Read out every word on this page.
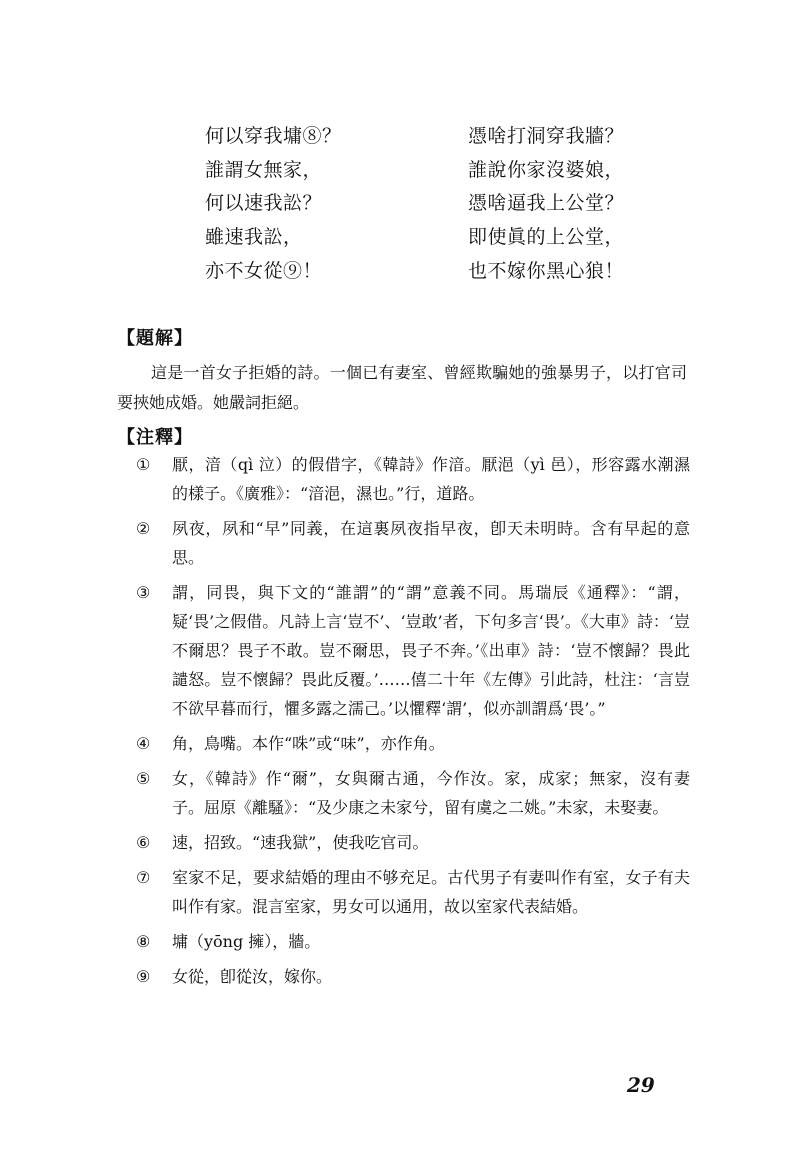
何以穿我墉⑧？
誰謂女無家，
何以速我訟？
雖速我訟，
亦不女從⑨！
憑啥打洞穿我牆？
誰說你家沒婆娘，
憑啥逼我上公堂？
即使眞的上公堂，
也不嫁你黑心狼！
【題解】
這是一首女子拒婚的詩。一個已有妻室、曾經欺騙她的強暴男子，以打官司要挾她成婚。她嚴詞拒絕。
【注釋】
① 厭，湆（qì 泣）的假借字，《韓詩》作湆。厭浥（yì 邑），形容露水潮濕的樣子。《廣雅》：“湆浥，濕也。”行，道路。
② 夙夜，夙和“早”同義，在這裏夙夜指早夜，卽天未明時。含有早起的意思。
③ 謂，同畏，與下文的“誰謂”的“謂”意義不同。馬瑞辰《通釋》：“謂，疑‘畏’之假借。凡詩上言‘豈不’、‘豈敢’者，下句多言‘畏’。《大車》詩：‘豈不爾思？畏子不敢。豈不爾思，畏子不奔。’《出車》詩：‘豈不懷歸？畏此譴怒。豈不懷歸？畏此反覆。’……僖二十年《左傳》引此詩，杜注：‘言豈不欲早暮而行，懼多露之濡己。’以懼釋‘謂’，似亦訓謂爲‘畏’。”
④ 角，鳥嘴。本作“咮”或“味”，亦作角。
⑤ 女，《韓詩》作“爾”，女與爾古通，今作汝。家，成家；無家，沒有妻子。屈原《離騷》：“及少康之未家兮，留有虞之二姚。”未家，未娶妻。
⑥ 速，招致。“速我獄”，使我吃官司。
⑦ 室家不足，要求結婚的理由不够充足。古代男子有妻叫作有室，女子有夫叫作有家。混言室家，男女可以通用，故以室家代表結婚。
⑧ 墉（yōng 擁），牆。
⑨ 女從，卽從汝，嫁你。
29
